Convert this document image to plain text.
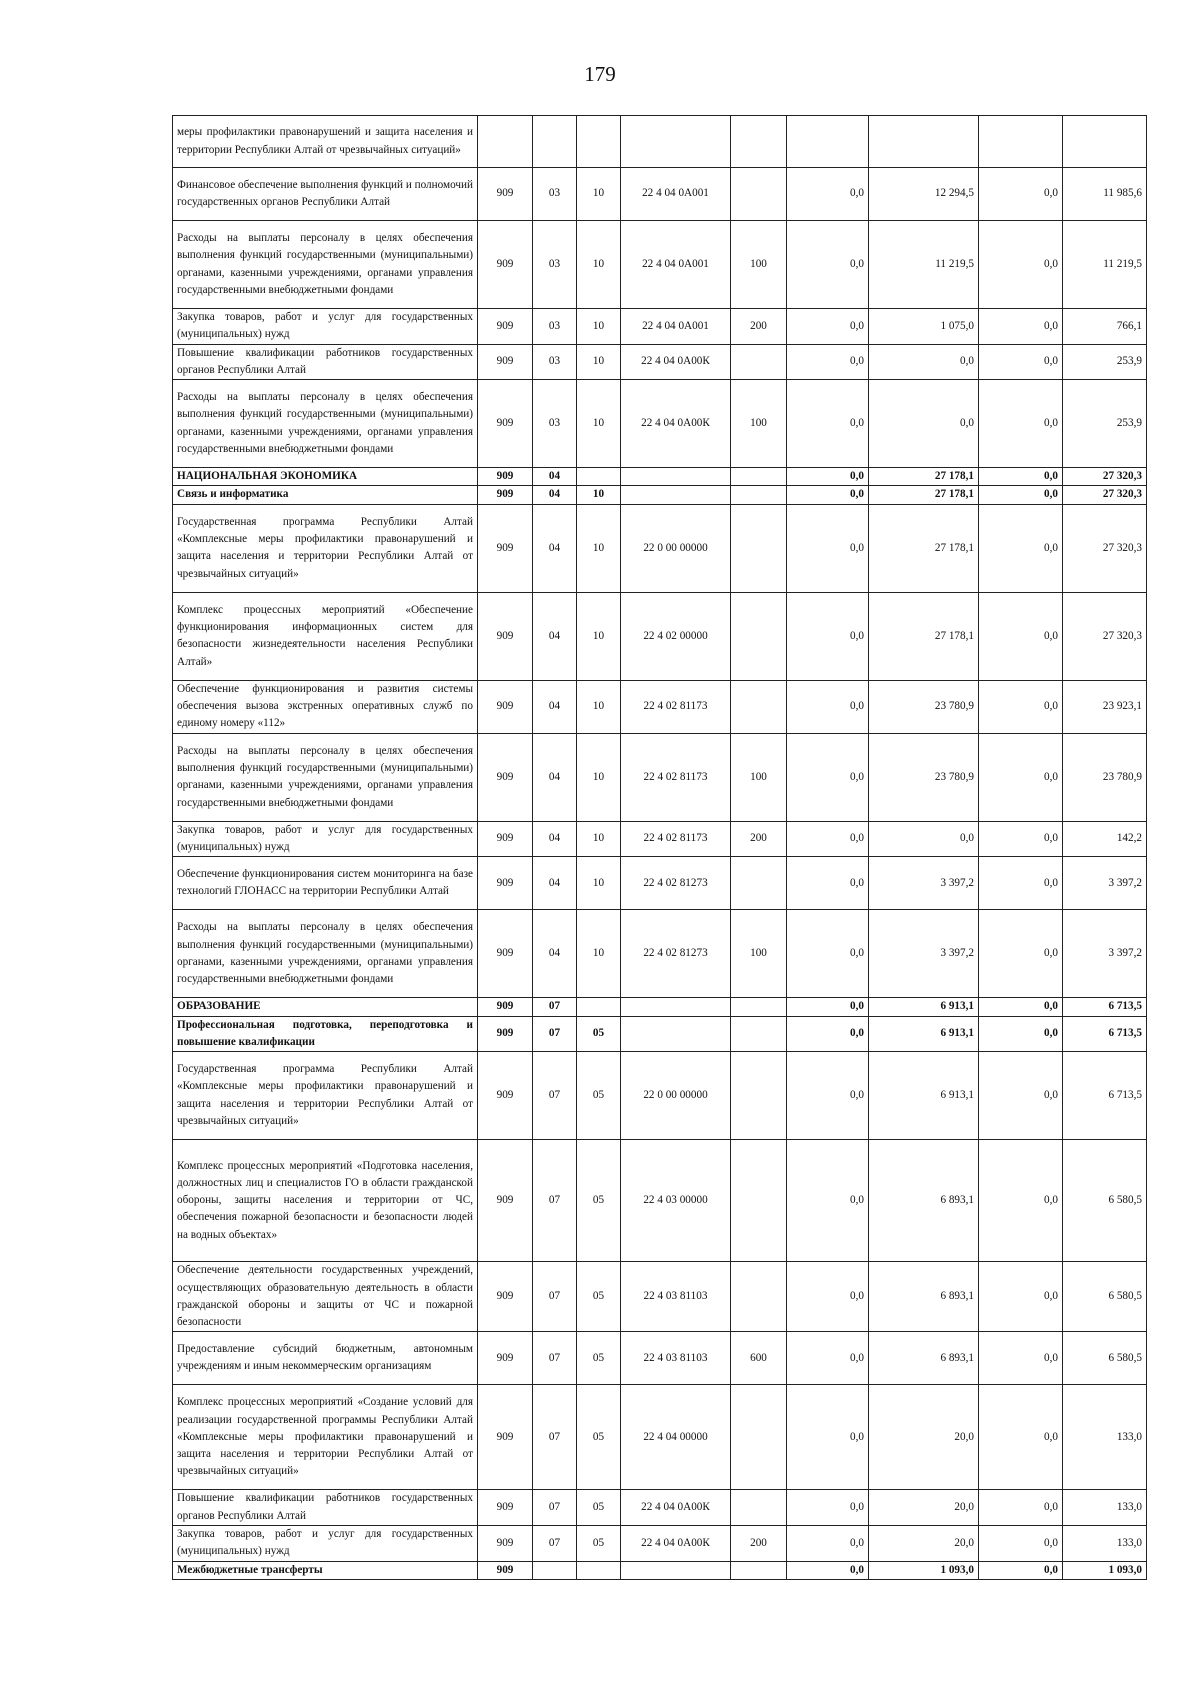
179
меры профилактики правонарушений и защита населения и территории Республики Алтай от чрезвычайных ситуаций»									
Финансовое обеспечение выполнения функций и полномочий государственных органов Республики Алтай	909	03	10	22 4 04 0А001		0,0	12 294,5	0,0	11 985,6
Расходы на выплаты персоналу в целях обеспечения выполнения функций государственными (муниципальными) органами, казенными учреждениями, органами управления государственными внебюджетными фондами	909	03	10	22 4 04 0А001	100	0,0	11 219,5	0,0	11 219,5
Закупка товаров, работ и услуг для государственных (муниципальных) нужд	909	03	10	22 4 04 0А001	200	0,0	1 075,0	0,0	766,1
Повышение квалификации работников государственных органов Республики Алтай	909	03	10	22 4 04 0А00К		0,0	0,0	0,0	253,9
Расходы на выплаты персоналу в целях обеспечения выполнения функций государственными (муниципальными) органами, казенными учреждениями, органами управления государственными внебюджетными фондами	909	03	10	22 4 04 0А00К	100	0,0	0,0	0,0	253,9
НАЦИОНАЛЬНАЯ ЭКОНОМИКА	909	04				0,0	27 178,1	0,0	27 320,3
Связь и информатика	909	04	10			0,0	27 178,1	0,0	27 320,3
Государственная программа Республики Алтай «Комплексные меры профилактики правонарушений и защита населения и территории Республики Алтай от чрезвычайных ситуаций»	909	04	10	22 0 00 00000		0,0	27 178,1	0,0	27 320,3
Комплекс процессных мероприятий «Обеспечение функционирования информационных систем для безопасности жизнедеятельности населения Республики Алтай»	909	04	10	22 4 02 00000		0,0	27 178,1	0,0	27 320,3
Обеспечение функционирования и развития системы обеспечения вызова экстренных оперативных служб по единому номеру «112»	909	04	10	22 4 02 81173		0,0	23 780,9	0,0	23 923,1
Расходы на выплаты персоналу в целях обеспечения выполнения функций государственными (муниципальными) органами, казенными учреждениями, органами управления государственными внебюджетными фондами	909	04	10	22 4 02 81173	100	0,0	23 780,9	0,0	23 780,9
Закупка товаров, работ и услуг для государственных (муниципальных) нужд	909	04	10	22 4 02 81173	200	0,0	0,0	0,0	142,2
Обеспечение функционирования систем мониторинга на базе технологий ГЛОНАСС на территории Республики Алтай	909	04	10	22 4 02 81273		0,0	3 397,2	0,0	3 397,2
Расходы на выплаты персоналу в целях обеспечения выполнения функций государственными (муниципальными) органами, казенными учреждениями, органами управления государственными внебюджетными фондами	909	04	10	22 4 02 81273	100	0,0	3 397,2	0,0	3 397,2
ОБРАЗОВАНИЕ	909	07				0,0	6 913,1	0,0	6 713,5
Профессиональная подготовка, переподготовка и повышение квалификации	909	07	05			0,0	6 913,1	0,0	6 713,5
Государственная программа Республики Алтай «Комплексные меры профилактики правонарушений и защита населения и территории Республики Алтай от чрезвычайных ситуаций»	909	07	05	22 0 00 00000		0,0	6 913,1	0,0	6 713,5
Комплекс процессных мероприятий «Подготовка населения, должностных лиц и специалистов ГО в области гражданской обороны, защиты населения и территории от ЧС, обеспечения пожарной безопасности и безопасности людей на водных объектах»	909	07	05	22 4 03 00000		0,0	6 893,1	0,0	6 580,5
Обеспечение деятельности государственных учреждений, осуществляющих образовательную деятельность в области гражданской обороны и защиты от ЧС и пожарной безопасности	909	07	05	22 4 03 81103		0,0	6 893,1	0,0	6 580,5
Предоставление субсидий бюджетным, автономным учреждениям и иным некоммерческим организациям	909	07	05	22 4 03 81103	600	0,0	6 893,1	0,0	6 580,5
Комплекс процессных мероприятий «Создание условий для реализации государственной программы Республики Алтай «Комплексные меры профилактики правонарушений и защита населения и территории Республики Алтай от чрезвычайных ситуаций»	909	07	05	22 4 04 00000		0,0	20,0	0,0	133,0
Повышение квалификации работников государственных органов Республики Алтай	909	07	05	22 4 04 0А00К		0,0	20,0	0,0	133,0
Закупка товаров, работ и услуг для государственных (муниципальных) нужд	909	07	05	22 4 04 0А00К	200	0,0	20,0	0,0	133,0
Межбюджетные трансферты	909					0,0	1 093,0	0,0	1 093,0
